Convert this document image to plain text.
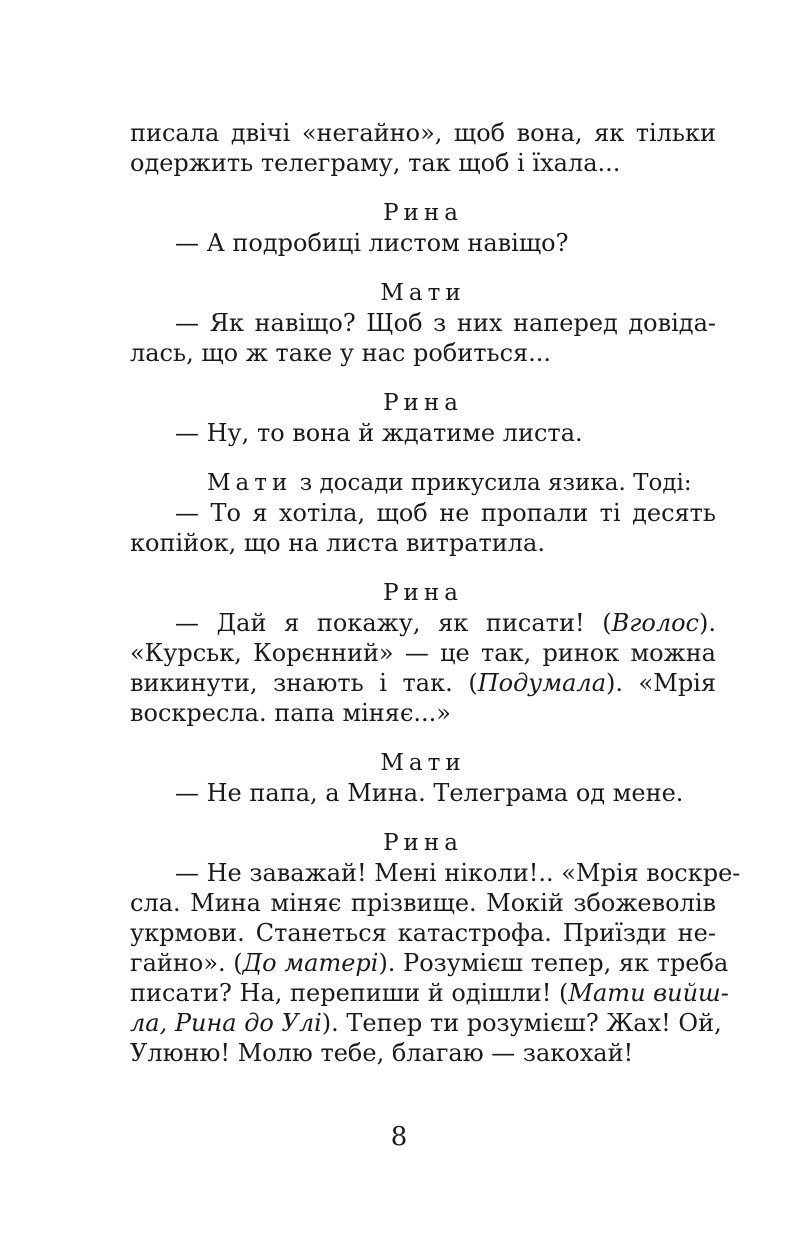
писала двічі «негайно», щоб вона, як тільки
одержить телеграму, так щоб і їхала...

Рина

— А подробиці листом навіщо?

Мати

— Як навіщо? Щоб з них наперед довіда-
лась, що ж таке у нас робиться...

Рина

— Ну, то вона й ждатиме листа.

Мати з досади прикусила язика. Тоді:

— То я хотіла, щоб не пропали ті десять
копійок, що на листа витратила.

Рина

— Дай я покажу, як писати! (Вголос).
«Курськ, Корєнний» — це так, ринок можна
викинути, знають і так. (Подумала). «Мрія
воскресла. папа міняє...»

Мати

— Не папа, а Мина. Телеграма од мене.

Рина

— Не заважай! Мені ніколи!.. «Мрія воскре-
сла. Мина міняє прізвище. Мокій збожеволів
укрмови. Станеться катастрофа. Приїзди не-
гайно». (До матері). Розумієш тепер, як треба
писати? На, перепиши й одішли! (Мати вийш-
ла, Рина до Улі). Тепер ти розумієш? Жах! Ой,
Улюню! Молю тебе, благаю — закохай!
8
